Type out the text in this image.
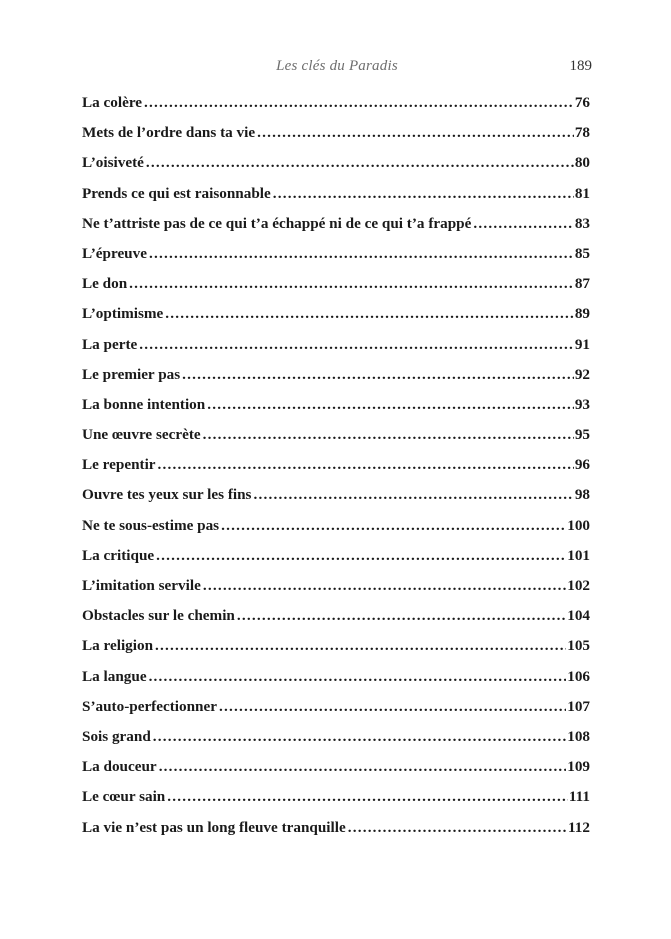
Les clés du Paradis	189
La colère .....	76
Mets de l’ordre dans ta vie .....	78
L’oisiveté .....	80
Prends ce qui est raisonnable .....	81
Ne t’attriste pas de ce qui t’a échappé ni de ce qui t’a frappé .....	83
L’épreuve .....	85
Le don .....	87
L’optimisme .....	89
La perte .....	91
Le premier pas .....	92
La bonne intention .....	93
Une œuvre secrète .....	95
Le repentir .....	96
Ouvre tes yeux sur les fins .....	98
Ne te sous-estime pas .....	100
La critique .....	101
L’imitation servile .....	102
Obstacles sur le chemin .....	104
La religion .....	105
La langue .....	106
S’auto-perfectionner .....	107
Sois grand .....	108
La douceur .....	109
Le cœur sain .....	111
La vie n’est pas un long fleuve tranquille .....	112
